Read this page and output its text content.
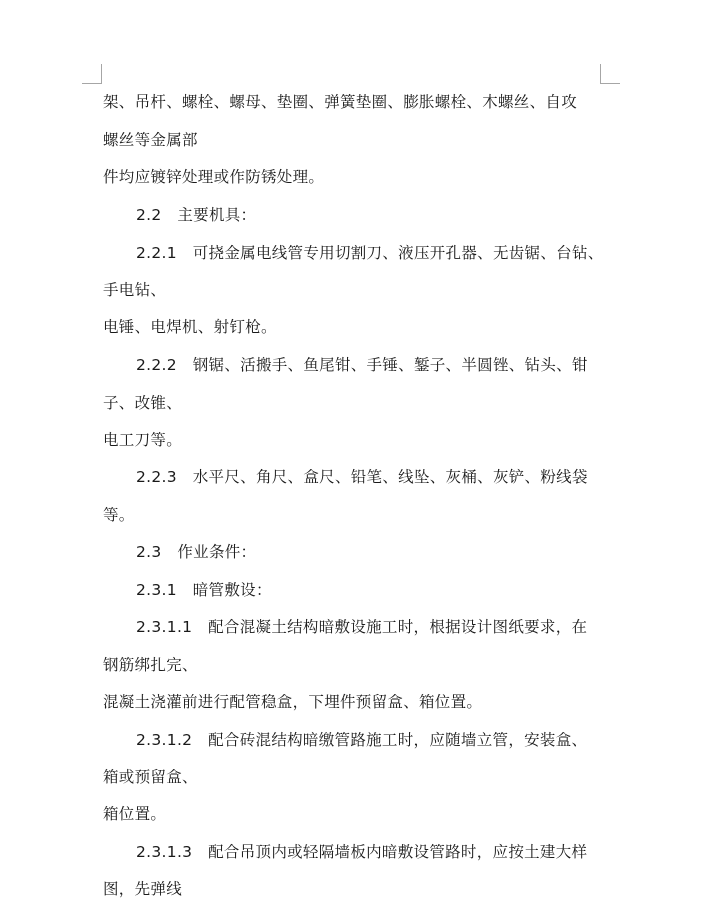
架、吊杆、螺栓、螺母、垫圈、弹簧垫圈、膨胀螺栓、木螺丝、自攻
螺丝等金属部
件均应镀锌处理或作防锈处理。
2.2　主要机具：
2.2.1　可挠金属电线管专用切割刀、液压开孔器、无齿锯、台钻、
手电钻、
电锤、电焊机、射钉枪。
2.2.2　钢锯、活搬手、鱼尾钳、手锤、錾子、半圆锉、钻头、钳
子、改锥、
电工刀等。
2.2.3　水平尺、角尺、盒尺、铅笔、线坠、灰桶、灰铲、粉线袋
等。
2.3　作业条件：
2.3.1　暗管敷设：
2.3.1.1　配合混凝土结构暗敷设施工时，根据设计图纸要求，在
钢筋绑扎完、
混凝土浇灌前进行配管稳盒，下埋件预留盒、箱位置。
2.3.1.2　配合砖混结构暗缴管路施工时，应随墙立管，安装盒、
箱或预留盒、
箱位置。
2.3.1.3　配合吊顶内或轻隔墙板内暗敷设管路时，应按土建大样
图，先弹线
